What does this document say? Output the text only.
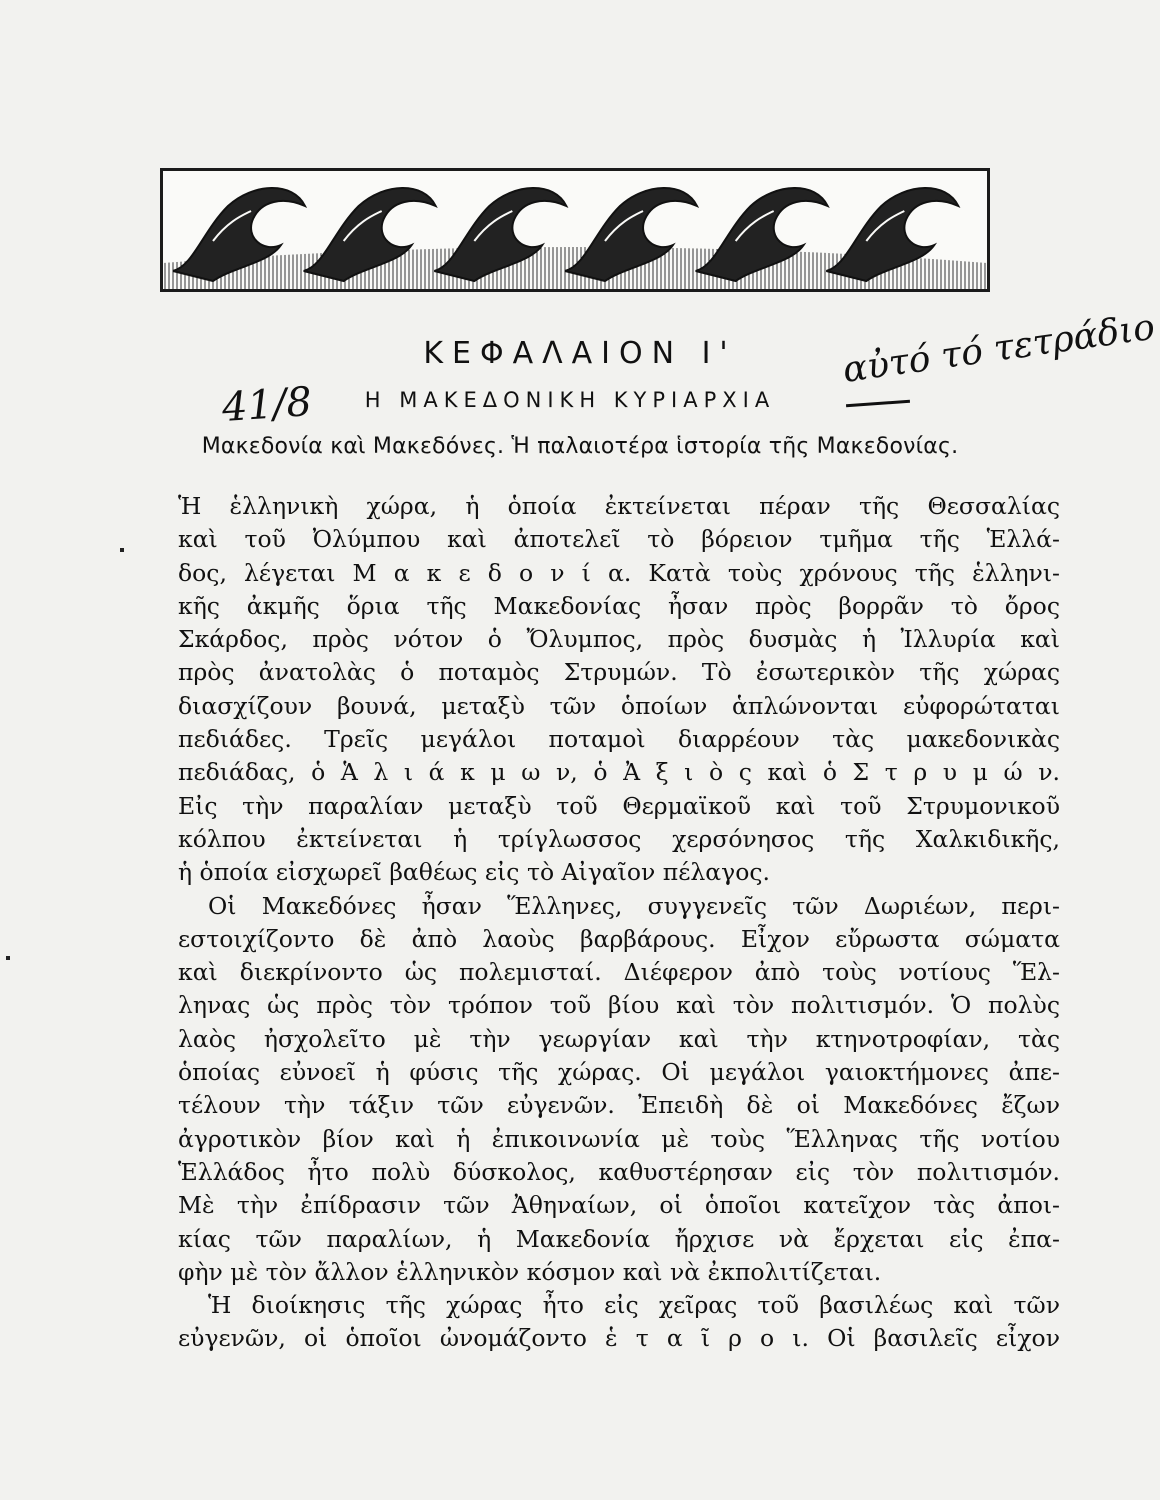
ΚΕΦΑΛΑΙΟΝ Ι'
41/8	Η ΜΑΚΕΔΟΝΙΚΗ ΚΥΡΙΑΡΧΙΑ
αὐτό τό τετράδιο
Μακεδονία καὶ Μακεδόνες. Ἡ παλαιοτέρα ἱστορία τῆς Μακεδονίας.
Ἡ ἑλληνικὴ χώρα, ἡ ὁποία ἐκτείνεται πέραν τῆς Θεσσαλίας
καὶ τοῦ Ὀλύμπου καὶ ἀποτελεῖ τὸ βόρειον τμῆμα τῆς Ἑλλά-
δος, λέγεται Μ α κ ε δ ο ν ί α. Κατὰ τοὺς χρόνους τῆς ἑλληνι-
κῆς ἀκμῆς ὅρια τῆς Μακεδονίας ἦσαν πρὸς βορρᾶν τὸ ὄρος
Σκάρδος, πρὸς νότον ὁ Ὄλυμπος, πρὸς δυσμὰς ἡ Ἰλλυρία καὶ
πρὸς ἀνατολὰς ὁ ποταμὸς Στρυμών. Τὸ ἐσωτερικὸν τῆς χώρας
διασχίζουν βουνά, μεταξὺ τῶν ὁποίων ἁπλώνονται εὐφορώταται
πεδιάδες. Τρεῖς μεγάλοι ποταμοὶ διαρρέουν τὰς μακεδονικὰς
πεδιάδας, ὁ Ἁ λ ι ά κ μ ω ν, ὁ Ἀ ξ ι ὸ ς καὶ ὁ Σ τ ρ υ μ ώ ν.
Εἰς τὴν παραλίαν μεταξὺ τοῦ Θερμαϊκοῦ καὶ τοῦ Στρυμονικοῦ
κόλπου ἐκτείνεται ἡ τρίγλωσσος χερσόνησος τῆς Χαλκιδικῆς,
ἡ ὁποία εἰσχωρεῖ βαθέως εἰς τὸ Αἰγαῖον πέλαγος.
Οἱ Μακεδόνες ἦσαν Ἕλληνες, συγγενεῖς τῶν Δωριέων, περι-
εστοιχίζοντο δὲ ἀπὸ λαοὺς βαρβάρους. Εἶχον εὔρωστα σώματα
καὶ διεκρίνοντο ὡς πολεμισταί. Διέφερον ἀπὸ τοὺς νοτίους Ἕλ-
ληνας ὡς πρὸς τὸν τρόπον τοῦ βίου καὶ τὸν πολιτισμόν. Ὁ πολὺς
λαὸς ἠσχολεῖτο μὲ τὴν γεωργίαν καὶ τὴν κτηνοτροφίαν, τὰς
ὁποίας εὐνοεῖ ἡ φύσις τῆς χώρας. Οἱ μεγάλοι γαιοκτήμονες ἀπε-
τέλουν τὴν τάξιν τῶν εὐγενῶν. Ἐπειδὴ δὲ οἱ Μακεδόνες ἔζων
ἀγροτικὸν βίον καὶ ἡ ἐπικοινωνία μὲ τοὺς Ἕλληνας τῆς νοτίου
Ἑλλάδος ἦτο πολὺ δύσκολος, καθυστέρησαν εἰς τὸν πολιτισμόν.
Μὲ τὴν ἐπίδρασιν τῶν Ἀθηναίων, οἱ ὁποῖοι κατεῖχον τὰς ἀποι-
κίας τῶν παραλίων, ἡ Μακεδονία ἤρχισε νὰ ἔρχεται εἰς ἐπα-
φὴν μὲ τὸν ἄλλον ἑλληνικὸν κόσμον καὶ νὰ ἐκπολιτίζεται.
Ἡ διοίκησις τῆς χώρας ἦτο εἰς χεῖρας τοῦ βασιλέως καὶ τῶν
εὐγενῶν, οἱ ὁποῖοι ὠνομάζοντο ἑ τ α ῖ ρ ο ι. Οἱ βασιλεῖς εἶχον
